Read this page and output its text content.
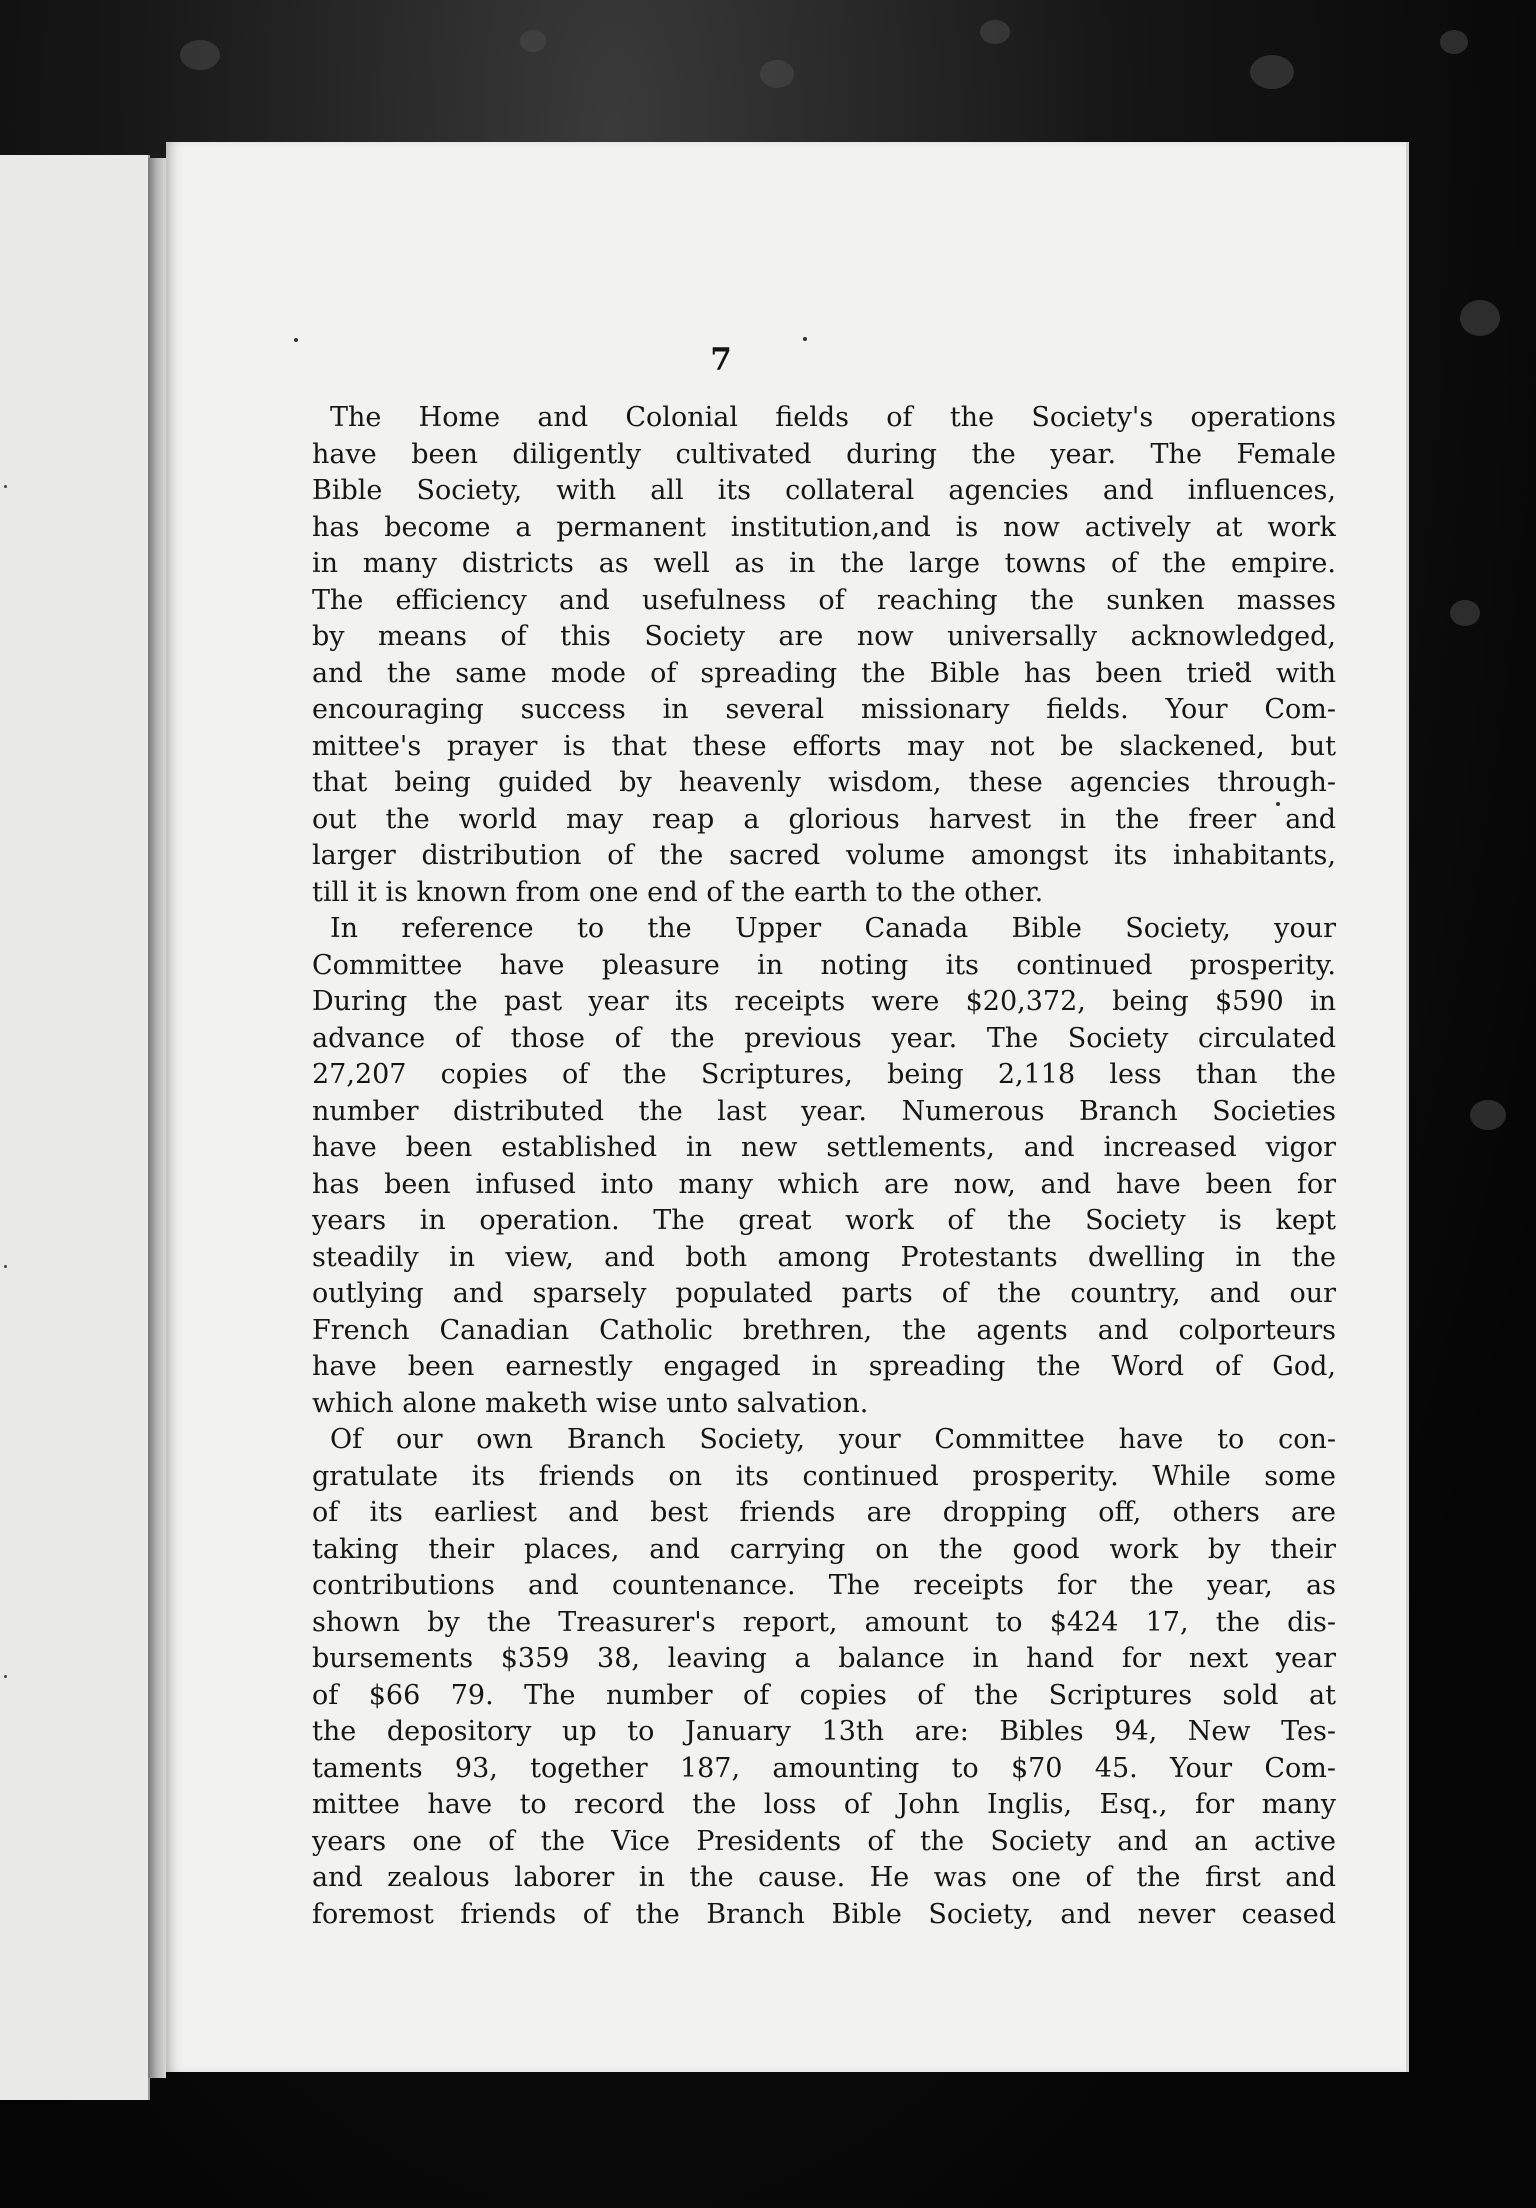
7
The Home and Colonial fields of the Society's operations
have been diligently cultivated during the year. The Female
Bible Society, with all its collateral agencies and influences,
has become a permanent institution,and is now actively at work
in many districts as well as in the large towns of the empire.
The efficiency and usefulness of reaching the sunken masses
by means of this Society are now universally acknowledged,
and the same mode of spreading the Bible has been tried with
encouraging success in several missionary fields. Your Com-
mittee's prayer is that these efforts may not be slackened, but
that being guided by heavenly wisdom, these agencies through-
out the world may reap a glorious harvest in the freer and
larger distribution of the sacred volume amongst its inhabitants,
till it is known from one end of the earth to the other.
In reference to the Upper Canada Bible Society, your
Committee have pleasure in noting its continued prosperity.
During the past year its receipts were $20,372, being $590 in
advance of those of the previous year. The Society circulated
27,207 copies of the Scriptures, being 2,118 less than the
number distributed the last year. Numerous Branch Societies
have been established in new settlements, and increased vigor
has been infused into many which are now, and have been for
years in operation. The great work of the Society is kept
steadily in view, and both among Protestants dwelling in the
outlying and sparsely populated parts of the country, and our
French Canadian Catholic brethren, the agents and colporteurs
have been earnestly engaged in spreading the Word of God,
which alone maketh wise unto salvation.
Of our own Branch Society, your Committee have to con-
gratulate its friends on its continued prosperity. While some
of its earliest and best friends are dropping off, others are
taking their places, and carrying on the good work by their
contributions and countenance. The receipts for the year, as
shown by the Treasurer's report, amount to $424 17, the dis-
bursements $359 38, leaving a balance in hand for next year
of $66 79. The number of copies of the Scriptures sold at
the depository up to January 13th are: Bibles 94, New Tes-
taments 93, together 187, amounting to $70 45. Your Com-
mittee have to record the loss of John Inglis, Esq., for many
years one of the Vice Presidents of the Society and an active
and zealous laborer in the cause. He was one of the first and
foremost friends of the Branch Bible Society, and never ceased
